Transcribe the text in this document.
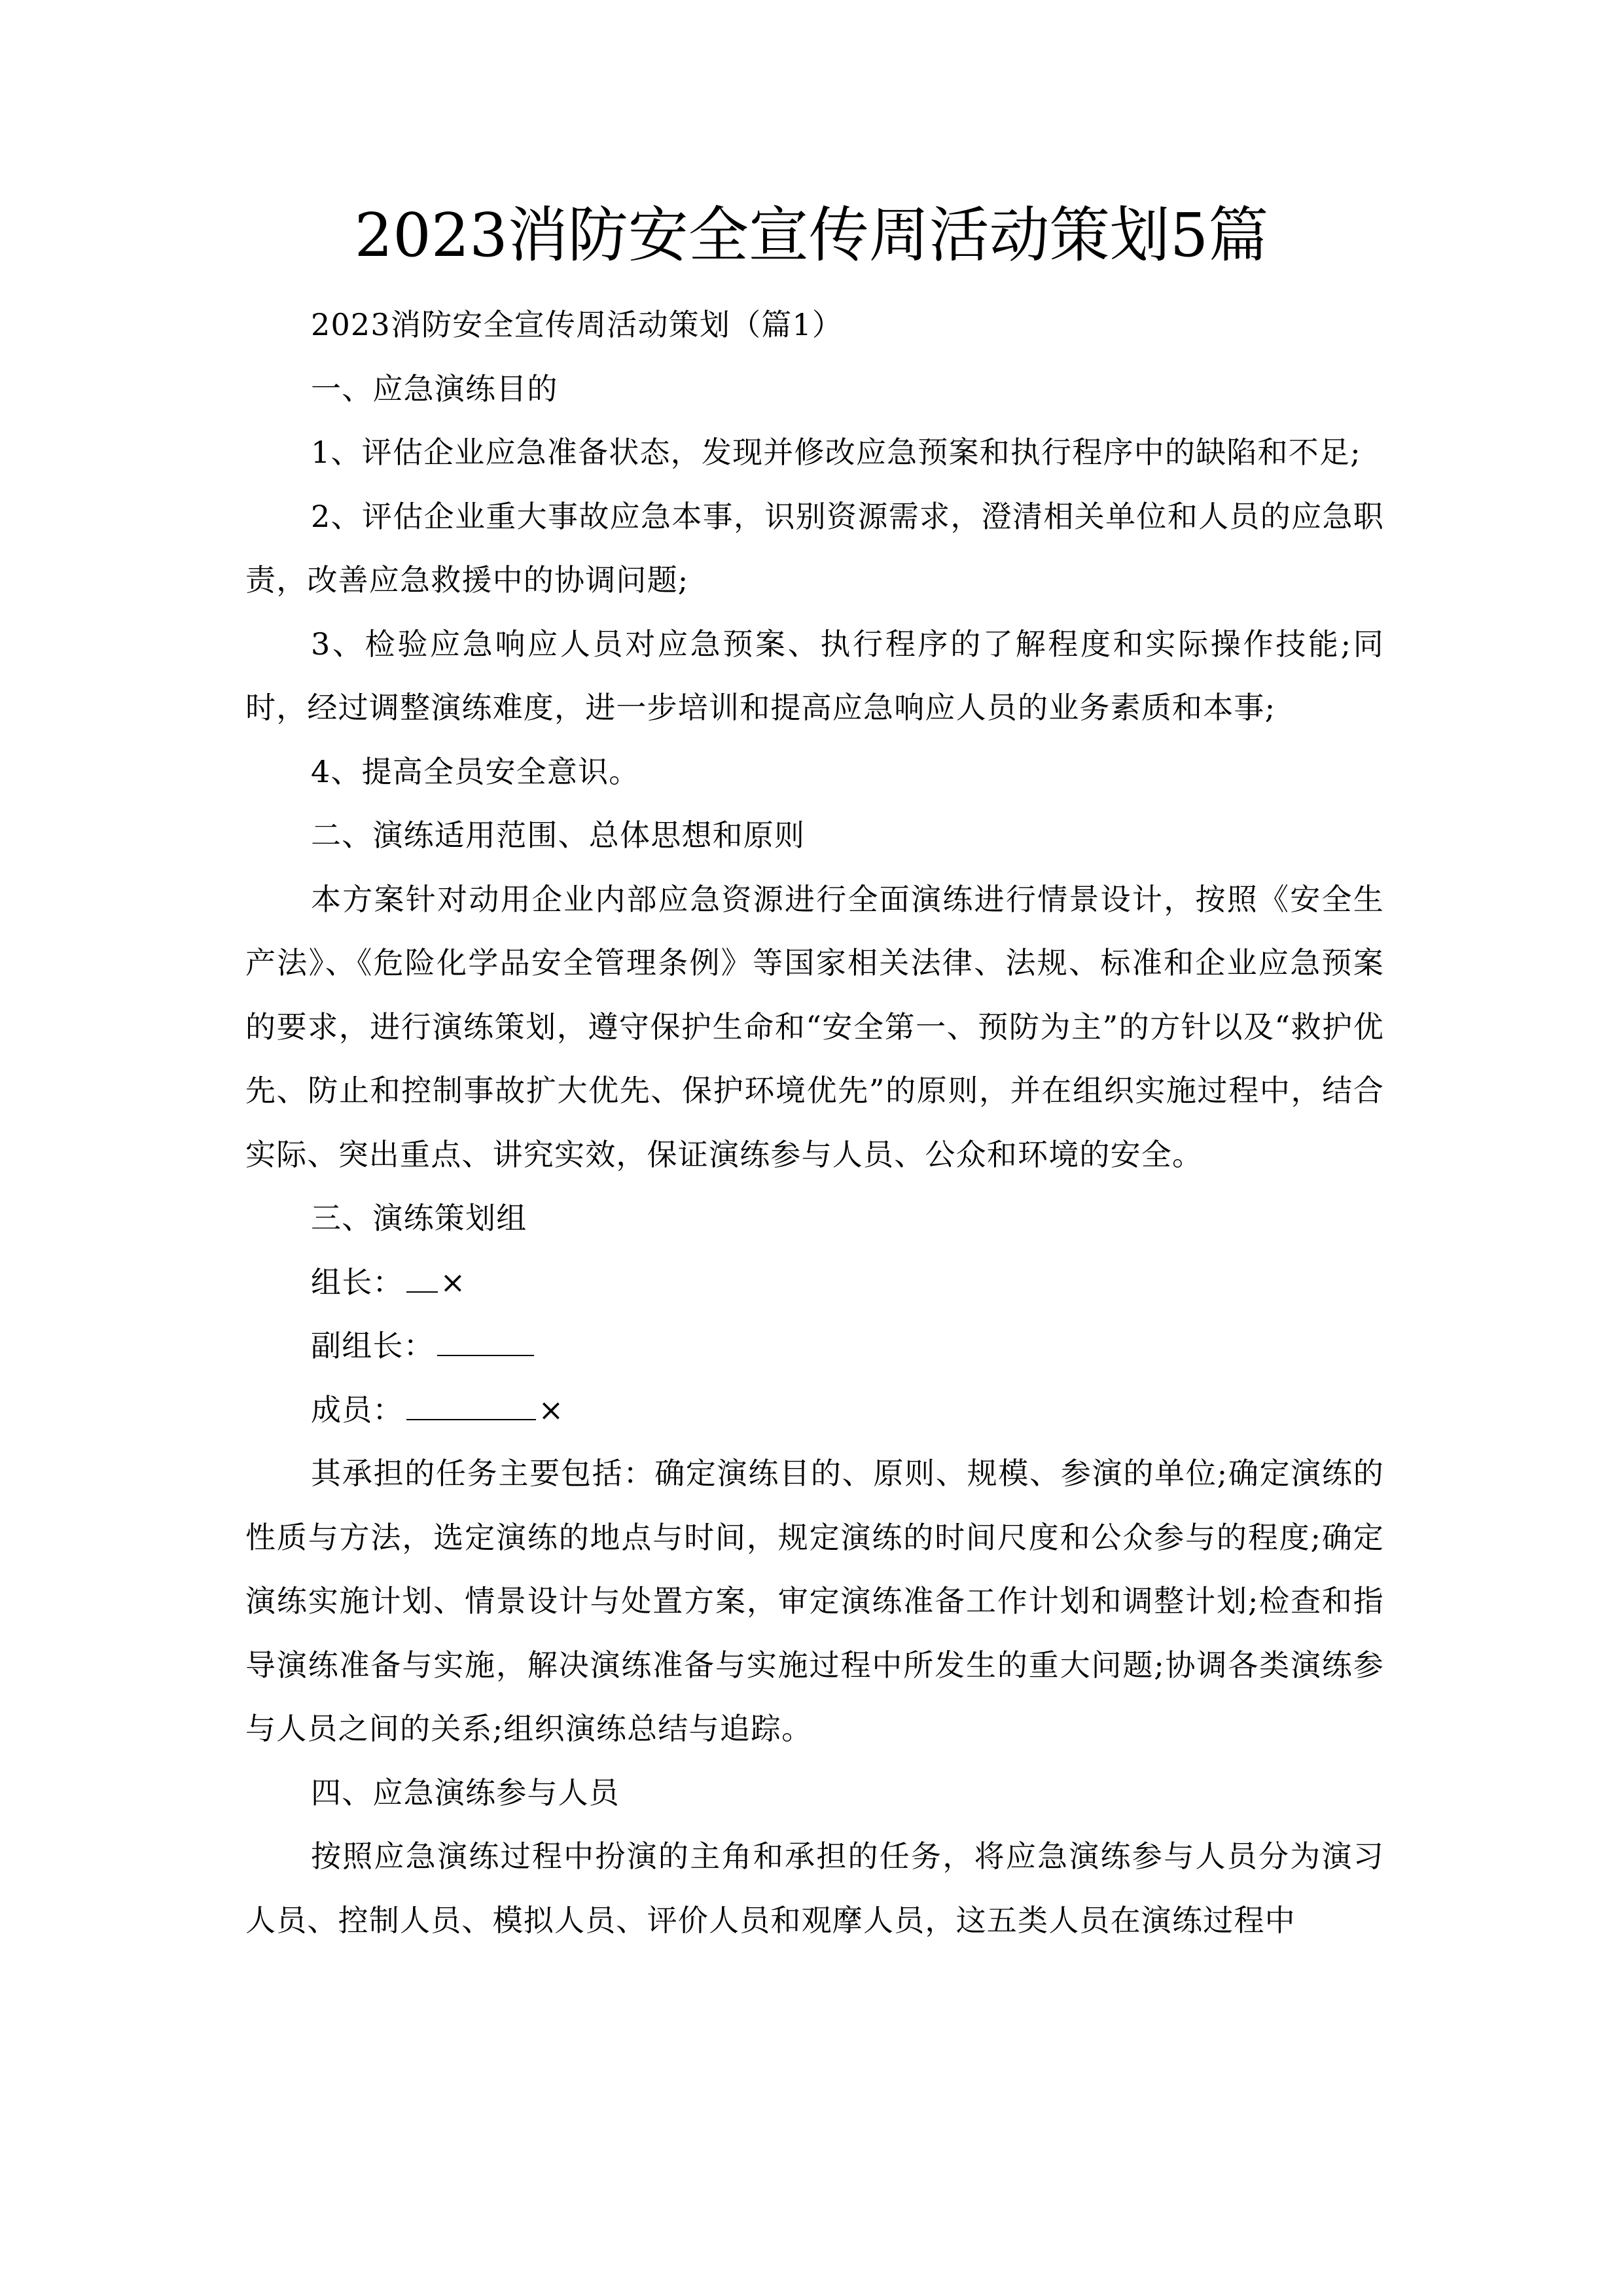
2023消防安全宣传周活动策划5篇

2023消防安全宣传周活动策划（篇1）

一、应急演练目的

1、评估企业应急准备状态，发现并修改应急预案和执行程序中的缺陷和不足;

2、评估企业重大事故应急本事，识别资源需求，澄清相关单位和人员的应急职责，改善应急救援中的协调问题;

3、检验应急响应人员对应急预案、执行程序的了解程度和实际操作技能;同时，经过调整演练难度，进一步培训和提高应急响应人员的业务素质和本事;

4、提高全员安全意识。

二、演练适用范围、总体思想和原则

本方案针对动用企业内部应急资源进行全面演练进行情景设计，按照《安全生产法》、《危险化学品安全管理条例》等国家相关法律、法规、标准和企业应急预案的要求，进行演练策划，遵守保护生命和“安全第一、预防为主”的方针以及“救护优先、防止和控制事故扩大优先、保护环境优先”的原则，并在组织实施过程中，结合实际、突出重点、讲究实效，保证演练参与人员、公众和环境的安全。

三、演练策划组

组长： ×

副组长：

成员：	×

其承担的任务主要包括：确定演练目的、原则、规模、参演的单位;确定演练的性质与方法，选定演练的地点与时间，规定演练的时间尺度和公众参与的程度;确定演练实施计划、情景设计与处置方案，审定演练准备工作计划和调整计划;检查和指导演练准备与实施，解决演练准备与实施过程中所发生的重大问题;协调各类演练参与人员之间的关系;组织演练总结与追踪。

四、应急演练参与人员

按照应急演练过程中扮演的主角和承担的任务，将应急演练参与人员分为演习人员、控制人员、模拟人员、评价人员和观摩人员，这五类人员在演练过程中
